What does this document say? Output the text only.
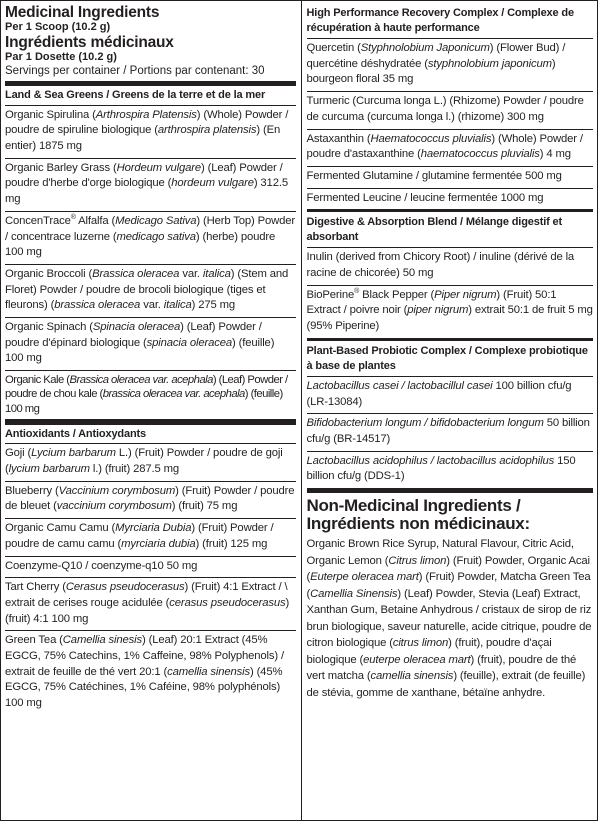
Medicinal Ingredients
Per 1 Scoop (10.2 g)
Ingrédients médicinaux
Par 1 Dosette (10.2 g)
Servings per container / Portions par contenant: 30
Land & Sea Greens / Greens de la terre et de la mer
Organic Spirulina (Arthrospira Platensis) (Whole) Powder / poudre de spiruline biologique (arthrospira platensis) (En entier) 1875 mg
Organic Barley Grass (Hordeum vulgare) (Leaf) Powder / poudre d'herbe d'orge biologique (hordeum vulgare) 312.5 mg
ConcenTrace® Alfalfa (Medicago Sativa) (Herb Top) Powder / concentrace luzerne (medicago sativa) (herbe) poudre 100 mg
Organic Broccoli (Brassica oleracea var. italica) (Stem and Floret) Powder / poudre de brocoli biologique (tiges et fleurons) (brassica oleracea var. italica) 275 mg
Organic Spinach (Spinacia oleracea) (Leaf) Powder / poudre d'épinard biologique (spinacia oleracea) (feuille) 100 mg
Organic Kale (Brassica oleracea var. acephala) (Leaf) Powder / poudre de chou kale (brassica oleracea var. acephala) (feuille) 100 mg
Antioxidants / Antioxydants
Goji (Lycium barbarum L.) (Fruit) Powder / poudre de goji (lycium barbarum l.) (fruit) 287.5 mg
Blueberry (Vaccinium corymbosum) (Fruit) Powder / poudre de bleuet (vaccinium corymbosum) (fruit) 75 mg
Organic Camu Camu (Myrciaria Dubia) (Fruit) Powder / poudre de camu camu (myrciaria dubia) (fruit) 125 mg
Coenzyme-Q10 / coenzyme-q10 50 mg
Tart Cherry (Cerasus pseudocerasus) (Fruit) 4:1 Extract / \ extrait de cerises rouge acidulée (cerasus pseudocerasus) (fruit) 4:1 100 mg
Green Tea (Camellia sinesis) (Leaf) 20:1 Extract (45% EGCG, 75% Catechins, 1% Caffeine, 98% Polyphenols) / extrait de feuille de thé vert 20:1 (camellia sinensis) (45% EGCG, 75% Catéchines, 1% Caféine, 98% polyphénols) 100 mg
High Performance Recovery Complex / Complexe de récupération à haute performance
Quercetin (Styphnolobium Japonicum) (Flower Bud) / quercétine déshydratée (styphnolobium japonicum) bourgeon floral 35 mg
Turmeric (Curcuma longa L.) (Rhizome) Powder / poudre de curcuma (curcuma longa l.) (rhizome) 300 mg
Astaxanthin (Haematococcus pluvialis) (Whole) Powder / poudre d'astaxanthine (haematococcus pluvialis) 4 mg
Fermented Glutamine / glutamine fermentée 500 mg
Fermented Leucine / leucine fermentée 1000 mg
Digestive & Absorption Blend / Mélange digestif et absorbant
Inulin (derived from Chicory Root) / inuline (dérivé de la racine de chicorée) 50 mg
BioPerine® Black Pepper (Piper nigrum) (Fruit) 50:1 Extract / poivre noir (piper nigrum) extrait 50:1 de fruit 5 mg (95% Piperine)
Plant-Based Probiotic Complex / Complexe probiotique à base de plantes
Lactobacillus casei / lactobacillul casei 100 billion cfu/g (LR-13084)
Bifidobacterium longum / bifidobacterium longum 50 billion cfu/g (BR-14517)
Lactobacillus acidophilus / lactobacillus acidophilus 150 billion cfu/g (DDS-1)
Non-Medicinal Ingredients / Ingrédients non médicinaux:
Organic Brown Rice Syrup, Natural Flavour, Citric Acid, Organic Lemon (Citrus limon) (Fruit) Powder, Organic Acai (Euterpe oleracea mart) (Fruit) Powder, Matcha Green Tea (Camellia Sinensis) (Leaf) Powder, Stevia (Leaf) Extract, Xanthan Gum, Betaine Anhydrous / cristaux de sirop de riz brun biologique, saveur naturelle, acide citrique, poudre de citron biologique (citrus limon) (fruit), poudre d'açai biologique (euterpe oleracea mart) (fruit), poudre de thé vert matcha (camellia sinensis) (feuille), extrait (de feuille) de stévia, gomme de xanthane, bétaïne anhydre.
